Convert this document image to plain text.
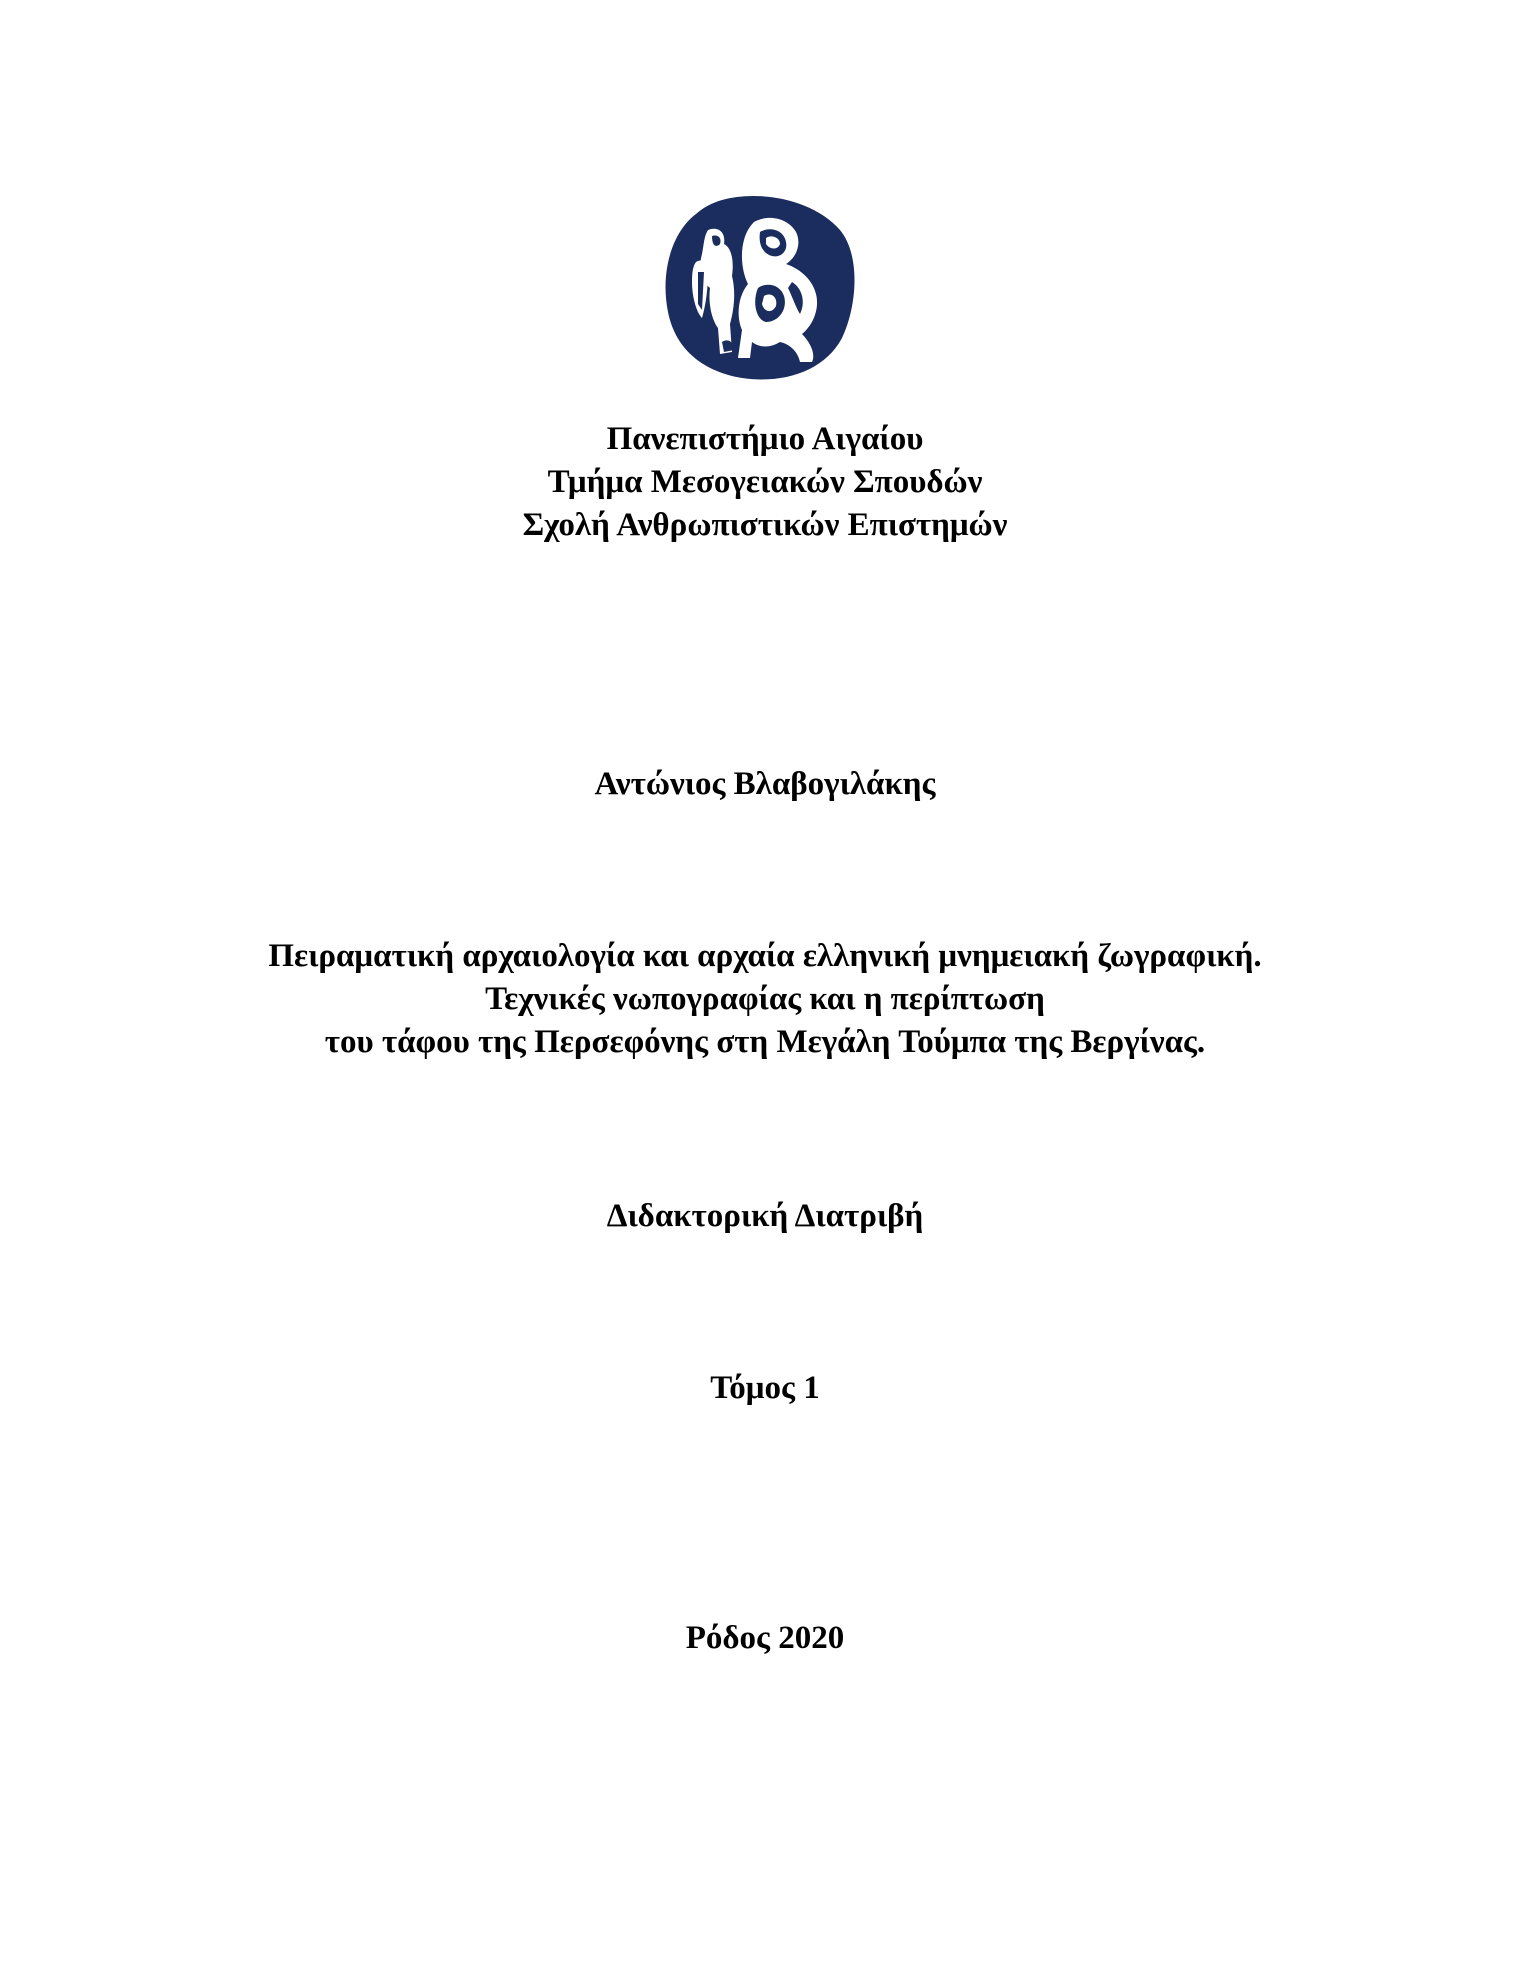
Πανεπιστήμιο Αιγαίου
Τμήμα Μεσογειακών Σπουδών
Σχολή Ανθρωπιστικών Επιστημών
Αντώνιος Βλαβογιλάκης
Πειραματική αρχαιολογία και αρχαία ελληνική μνημειακή ζωγραφική.
Τεχνικές νωπογραφίας και η περίπτωση
του τάφου της Περσεφόνης στη Μεγάλη Τούμπα της Βεργίνας.
Διδακτορική Διατριβή
Τόμος 1
Ρόδος 2020
